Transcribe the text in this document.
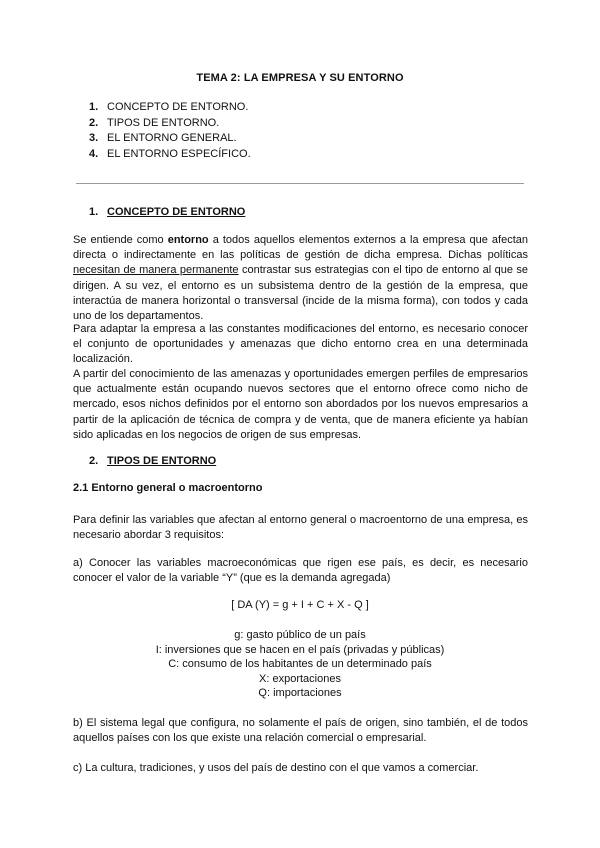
TEMA 2: LA EMPRESA Y SU ENTORNO
1. CONCEPTO DE ENTORNO.
2. TIPOS DE ENTORNO.
3. EL ENTORNO GENERAL.
4. EL ENTORNO ESPECÍFICO.
1. CONCEPTO DE ENTORNO

Se entiende como entorno a todos aquellos elementos externos a la empresa que afectan directa o indirectamente en las políticas de gestión de dicha empresa. Dichas políticas necesitan de manera permanente contrastar sus estrategias con el tipo de entorno al que se dirigen. A su vez, el entorno es un subsistema dentro de la gestión de la empresa, que interactúa de manera horizontal o transversal (incide de la misma forma), con todos y cada uno de los departamentos.

Para adaptar la empresa a las constantes modificaciones del entorno, es necesario conocer el conjunto de oportunidades y amenazas que dicho entorno crea en una determinada localización.

A partir del conocimiento de las amenazas y oportunidades emergen perfiles de empresarios que actualmente están ocupando nuevos sectores que el entorno ofrece como nicho de mercado, esos nichos definidos por el entorno son abordados por los nuevos empresarios a partir de la aplicación de técnica de compra y de venta, que de manera eficiente ya habían sido aplicadas en los negocios de origen de sus empresas.

2. TIPOS DE ENTORNO
2.1 Entorno general o macroentorno

Para definir las variables que afectan al entorno general o macroentorno de una empresa, es necesario abordar 3 requisitos:

a) Conocer las variables macroeconómicas que rigen ese país, es decir, es necesario conocer el valor de la variable “Y” (que es la demanda agregada)

[ DA (Y) = g + I + C + X - Q ]
g: gasto público de un país
I: inversiones que se hacen en el país (privadas y públicas)
C: consumo de los habitantes de un determinado país
X: exportaciones
Q: importaciones

b) El sistema legal que configura, no solamente el país de origen, sino también, el de todos aquellos países con los que existe una relación comercial o empresarial.

c) La cultura, tradiciones, y usos del país de destino con el que vamos a comerciar.
